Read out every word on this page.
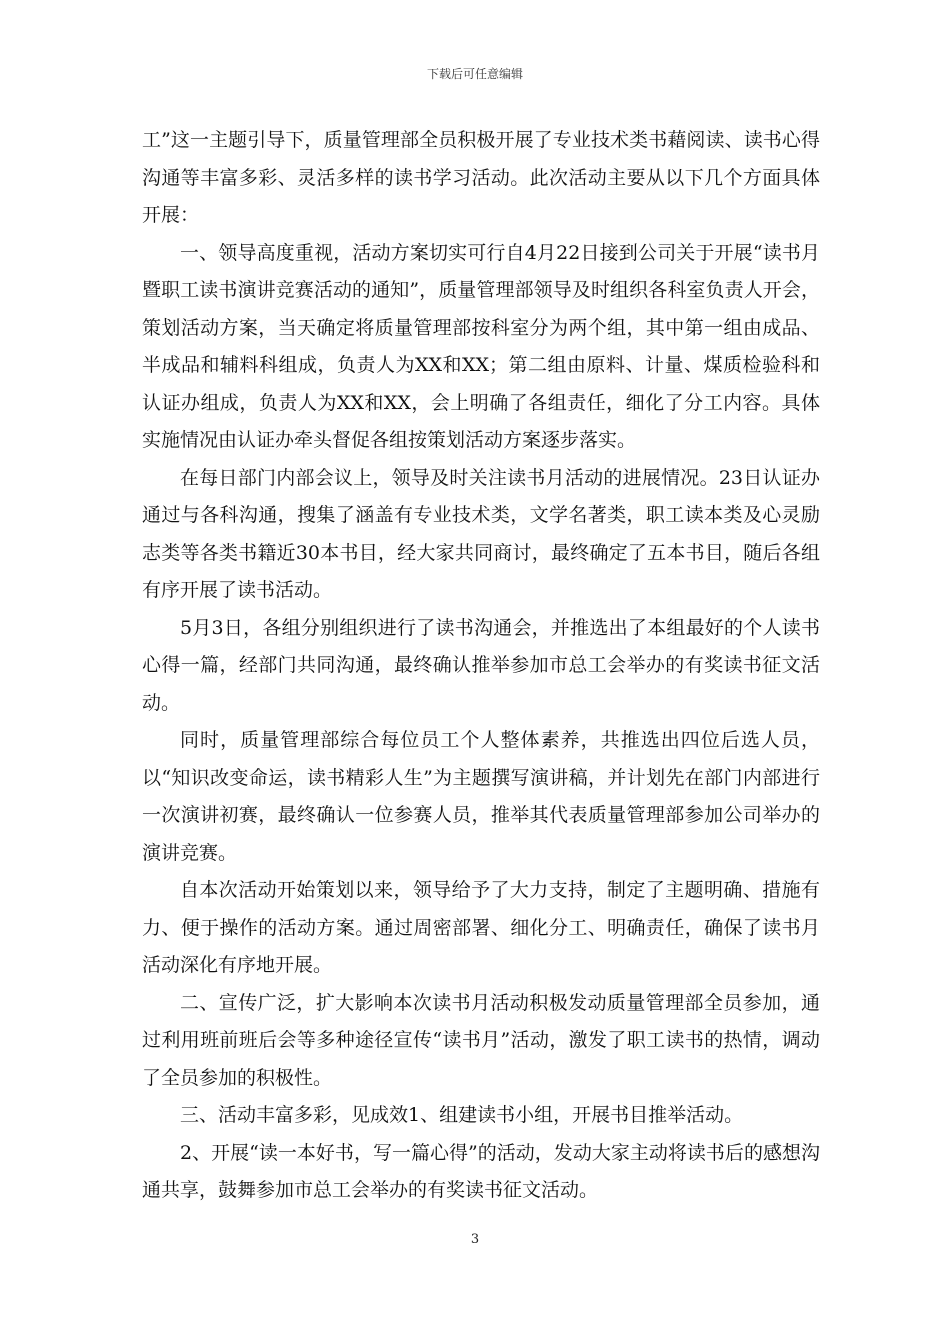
下载后可任意编辑

工”这一主题引导下，质量管理部全员积极开展了专业技术类书藉阅读、读书心得沟通等丰富多彩、灵活多样的读书学习活动。此次活动主要从以下几个方面具体开展：

一、领导高度重视，活动方案切实可行自4月22日接到公司关于开展“读书月暨职工读书演讲竞赛活动的通知”，质量管理部领导及时组织各科室负责人开会，策划活动方案，当天确定将质量管理部按科室分为两个组，其中第一组由成品、半成品和辅料科组成，负责人为XX和XX；第二组由原料、计量、煤质检验科和认证办组成，负责人为XX和XX，会上明确了各组责任，细化了分工内容。具体实施情况由认证办牵头督促各组按策划活动方案逐步落实。

在每日部门内部会议上，领导及时关注读书月活动的进展情况。23日认证办通过与各科沟通，搜集了涵盖有专业技术类，文学名著类，职工读本类及心灵励志类等各类书籍近30本书目，经大家共同商讨，最终确定了五本书目，随后各组有序开展了读书活动。

5月3日，各组分别组织进行了读书沟通会，并推选出了本组最好的个人读书心得一篇，经部门共同沟通，最终确认推举参加市总工会举办的有奖读书征文活动。

同时，质量管理部综合每位员工个人整体素养，共推选出四位后选人员，以“知识改变命运，读书精彩人生”为主题撰写演讲稿，并计划先在部门内部进行一次演讲初赛，最终确认一位参赛人员，推举其代表质量管理部参加公司举办的演讲竞赛。

自本次活动开始策划以来，领导给予了大力支持，制定了主题明确、措施有力、便于操作的活动方案。通过周密部署、细化分工、明确责任，确保了读书月活动深化有序地开展。

二、宣传广泛，扩大影响本次读书月活动积极发动质量管理部全员参加，通过利用班前班后会等多种途径宣传“读书月”活动，激发了职工读书的热情，调动了全员参加的积极性。

三、活动丰富多彩，见成效1、组建读书小组，开展书目推举活动。

2、开展“读一本好书，写一篇心得”的活动，发动大家主动将读书后的感想沟通共享，鼓舞参加市总工会举办的有奖读书征文活动。

3
